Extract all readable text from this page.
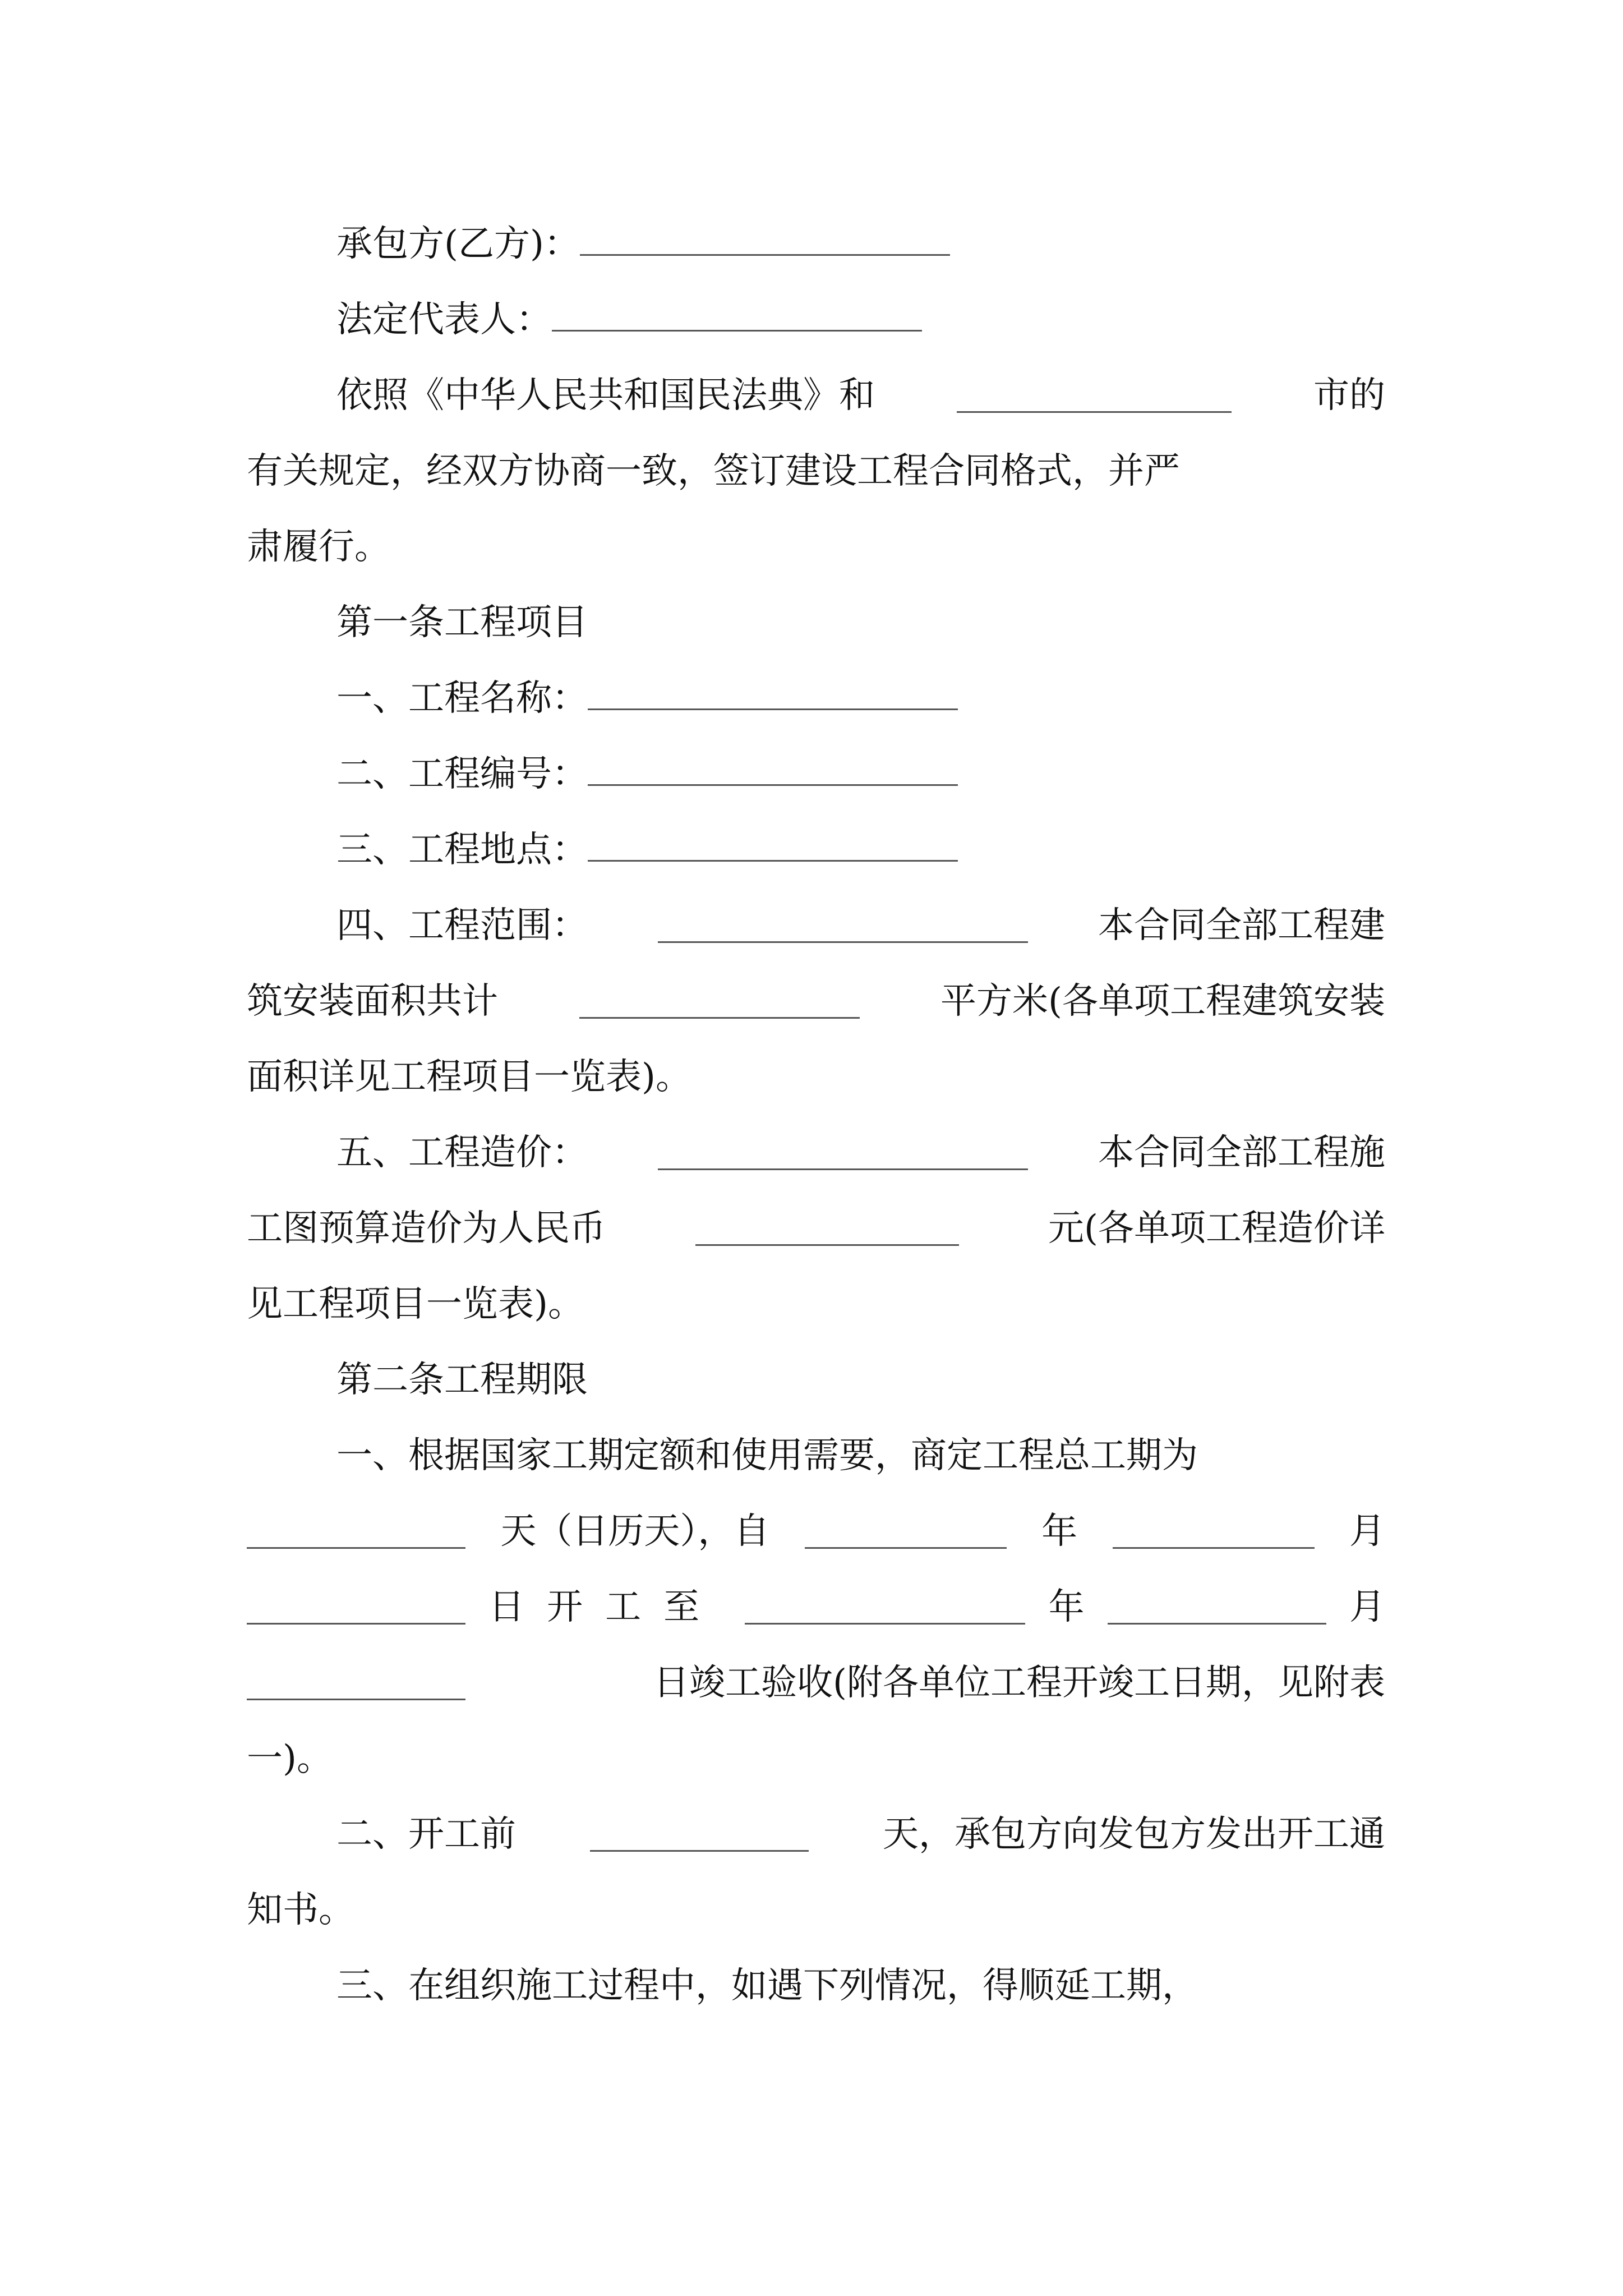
承包方(乙方)：
法定代表人：
依照《中华人民共和国民法典》和	市的
有关规定，经双方协商一致，签订建设工程合同格式，并严
肃履行。
第一条工程项目
一、工程名称：
二、工程编号：
三、工程地点：
四、工程范围：	本合同全部工程建
筑安装面积共计	平方米(各单项工程建筑安装
面积详见工程项目一览表)。
五、工程造价：	本合同全部工程施
工图预算造价为人民币	元(各单项工程造价详
见工程项目一览表)。
第二条工程期限
一、根据国家工期定额和使用需要，商定工程总工期为
天（日历天），自	年	月
日开工至	年	月
日竣工验收(附各单位工程开竣工日期，见附表
一)。
二、开工前	天，承包方向发包方发出开工通
知书。
三、在组织施工过程中，如遇下列情况，得顺延工期，
